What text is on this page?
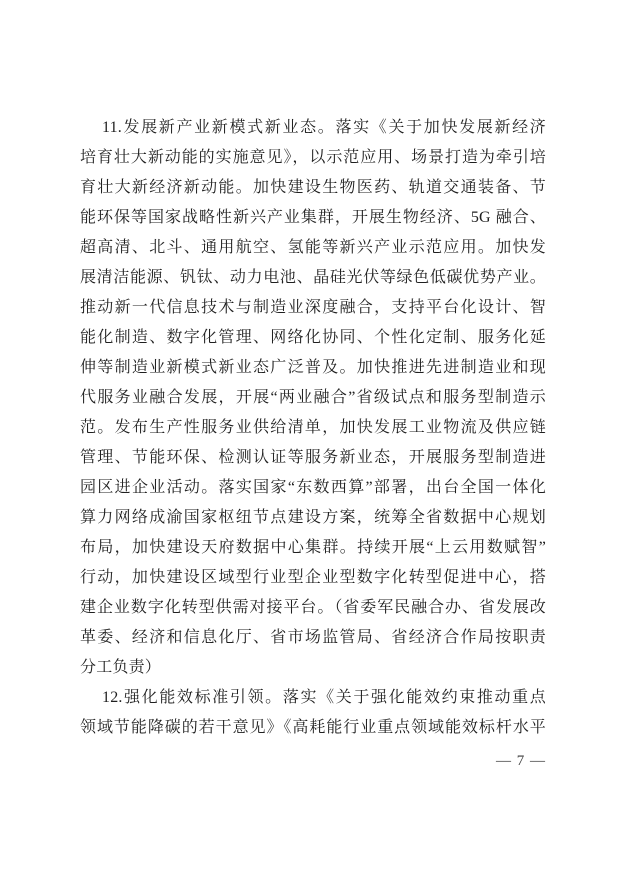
11.发展新产业新模式新业态。落实《关于加快发展新经济
培育壮大新动能的实施意见》，以示范应用、场景打造为牵引培
育壮大新经济新动能。加快建设生物医药、轨道交通装备、节
能环保等国家战略性新兴产业集群，开展生物经济、5G 融合、
超高清、北斗、通用航空、氢能等新兴产业示范应用。加快发
展清洁能源、钒钛、动力电池、晶硅光伏等绿色低碳优势产业。
推动新一代信息技术与制造业深度融合，支持平台化设计、智
能化制造、数字化管理、网络化协同、个性化定制、服务化延
伸等制造业新模式新业态广泛普及。加快推进先进制造业和现
代服务业融合发展，开展“两业融合”省级试点和服务型制造示
范。发布生产性服务业供给清单，加快发展工业物流及供应链
管理、节能环保、检测认证等服务新业态，开展服务型制造进
园区进企业活动。落实国家“东数西算”部署，出台全国一体化
算力网络成渝国家枢纽节点建设方案，统筹全省数据中心规划
布局，加快建设天府数据中心集群。持续开展“上云用数赋智”
行动，加快建设区域型行业型企业型数字化转型促进中心，搭
建企业数字化转型供需对接平台。（省委军民融合办、省发展改
革委、经济和信息化厅、省市场监管局、省经济合作局按职责
分工负责）
12.强化能效标准引领。落实《关于强化能效约束推动重点
领域节能降碳的若干意见》《高耗能行业重点领域能效标杆水平
— 7 —
